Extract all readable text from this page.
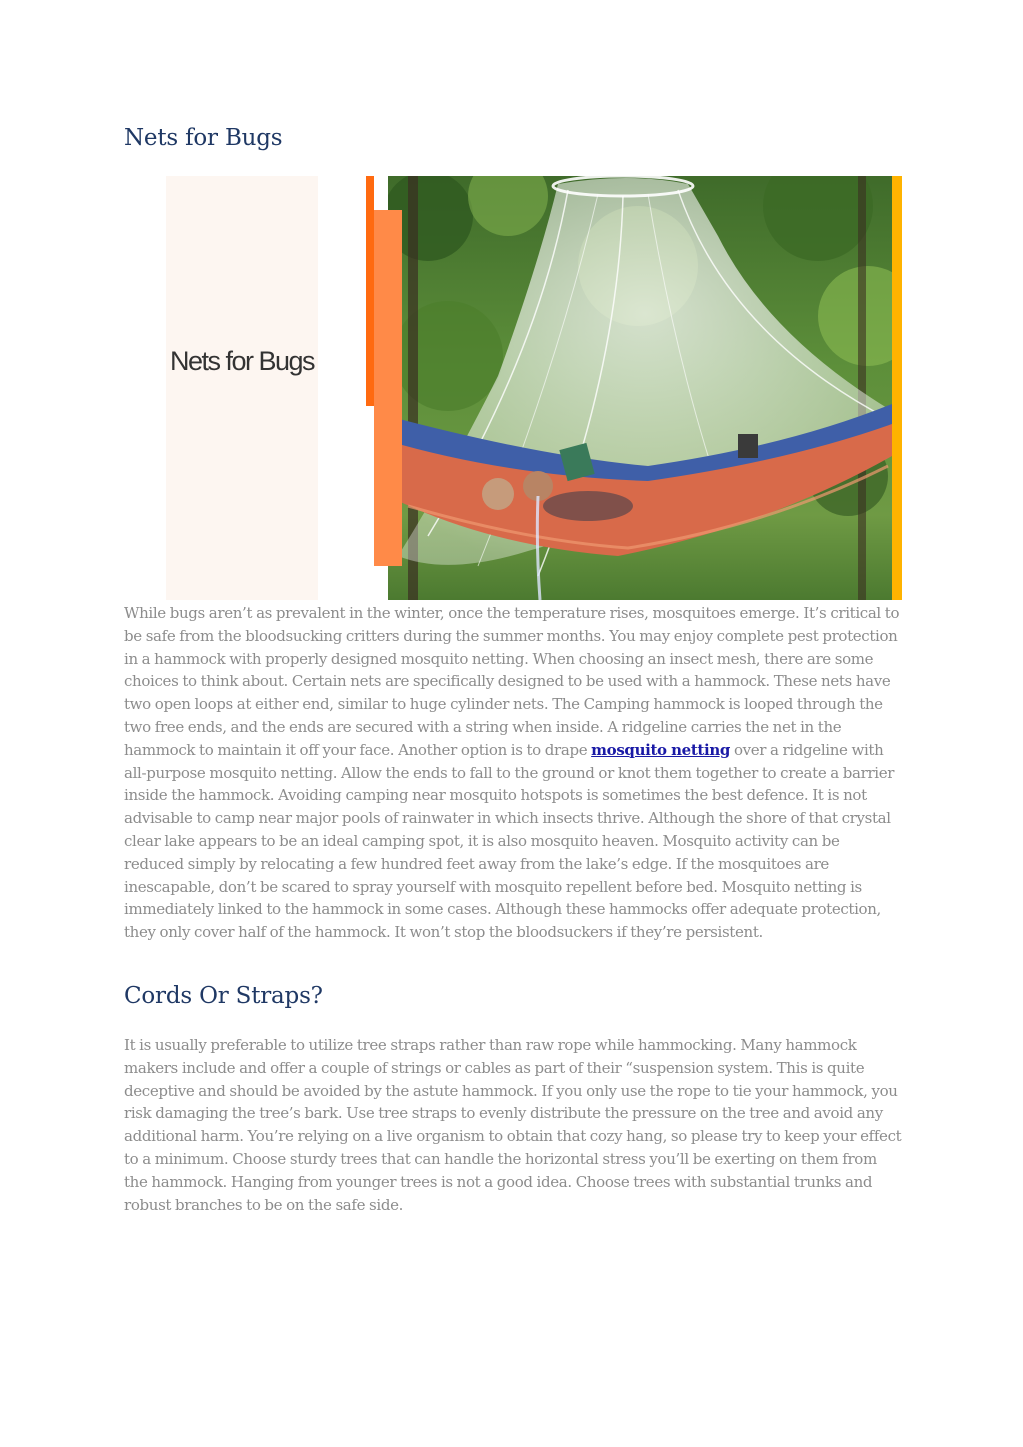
Nets for Bugs
Nets for Bugs

While bugs aren’t as prevalent in the winter, once the temperature rises, mosquitoes emerge. It’s critical to be safe from the bloodsucking critters during the summer months. You may enjoy complete pest protection in a hammock with properly designed mosquito netting. When choosing an insect mesh, there are some choices to think about. Certain nets are specifically designed to be used with a hammock. These nets have two open loops at either end, similar to huge cylinder nets. The Camping hammock is looped through the two free ends, and the ends are secured with a string when inside. A ridgeline carries the net in the hammock to maintain it off your face. Another option is to drape mosquito netting over a ridgeline with all-purpose mosquito netting. Allow the ends to fall to the ground or knot them together to create a barrier inside the hammock. Avoiding camping near mosquito hotspots is sometimes the best defence. It is not advisable to camp near major pools of rainwater in which insects thrive. Although the shore of that crystal clear lake appears to be an ideal camping spot, it is also mosquito heaven. Mosquito activity can be reduced simply by relocating a few hundred feet away from the lake’s edge. If the mosquitoes are inescapable, don’t be scared to spray yourself with mosquito repellent before bed. Mosquito netting is immediately linked to the hammock in some cases. Although these hammocks offer adequate protection, they only cover half of the hammock. It won’t stop the bloodsuckers if they’re persistent.

Cords Or Straps?

It is usually preferable to utilize tree straps rather than raw rope while hammocking. Many hammock makers include and offer a couple of strings or cables as part of their “suspension system. This is quite deceptive and should be avoided by the astute hammock. If you only use the rope to tie your hammock, you risk damaging the tree’s bark. Use tree straps to evenly distribute the pressure on the tree and avoid any additional harm. You’re relying on a live organism to obtain that cozy hang, so please try to keep your effect to a minimum. Choose sturdy trees that can handle the horizontal stress you’ll be exerting on them from the hammock. Hanging from younger trees is not a good idea. Choose trees with substantial trunks and robust branches to be on the safe side.
